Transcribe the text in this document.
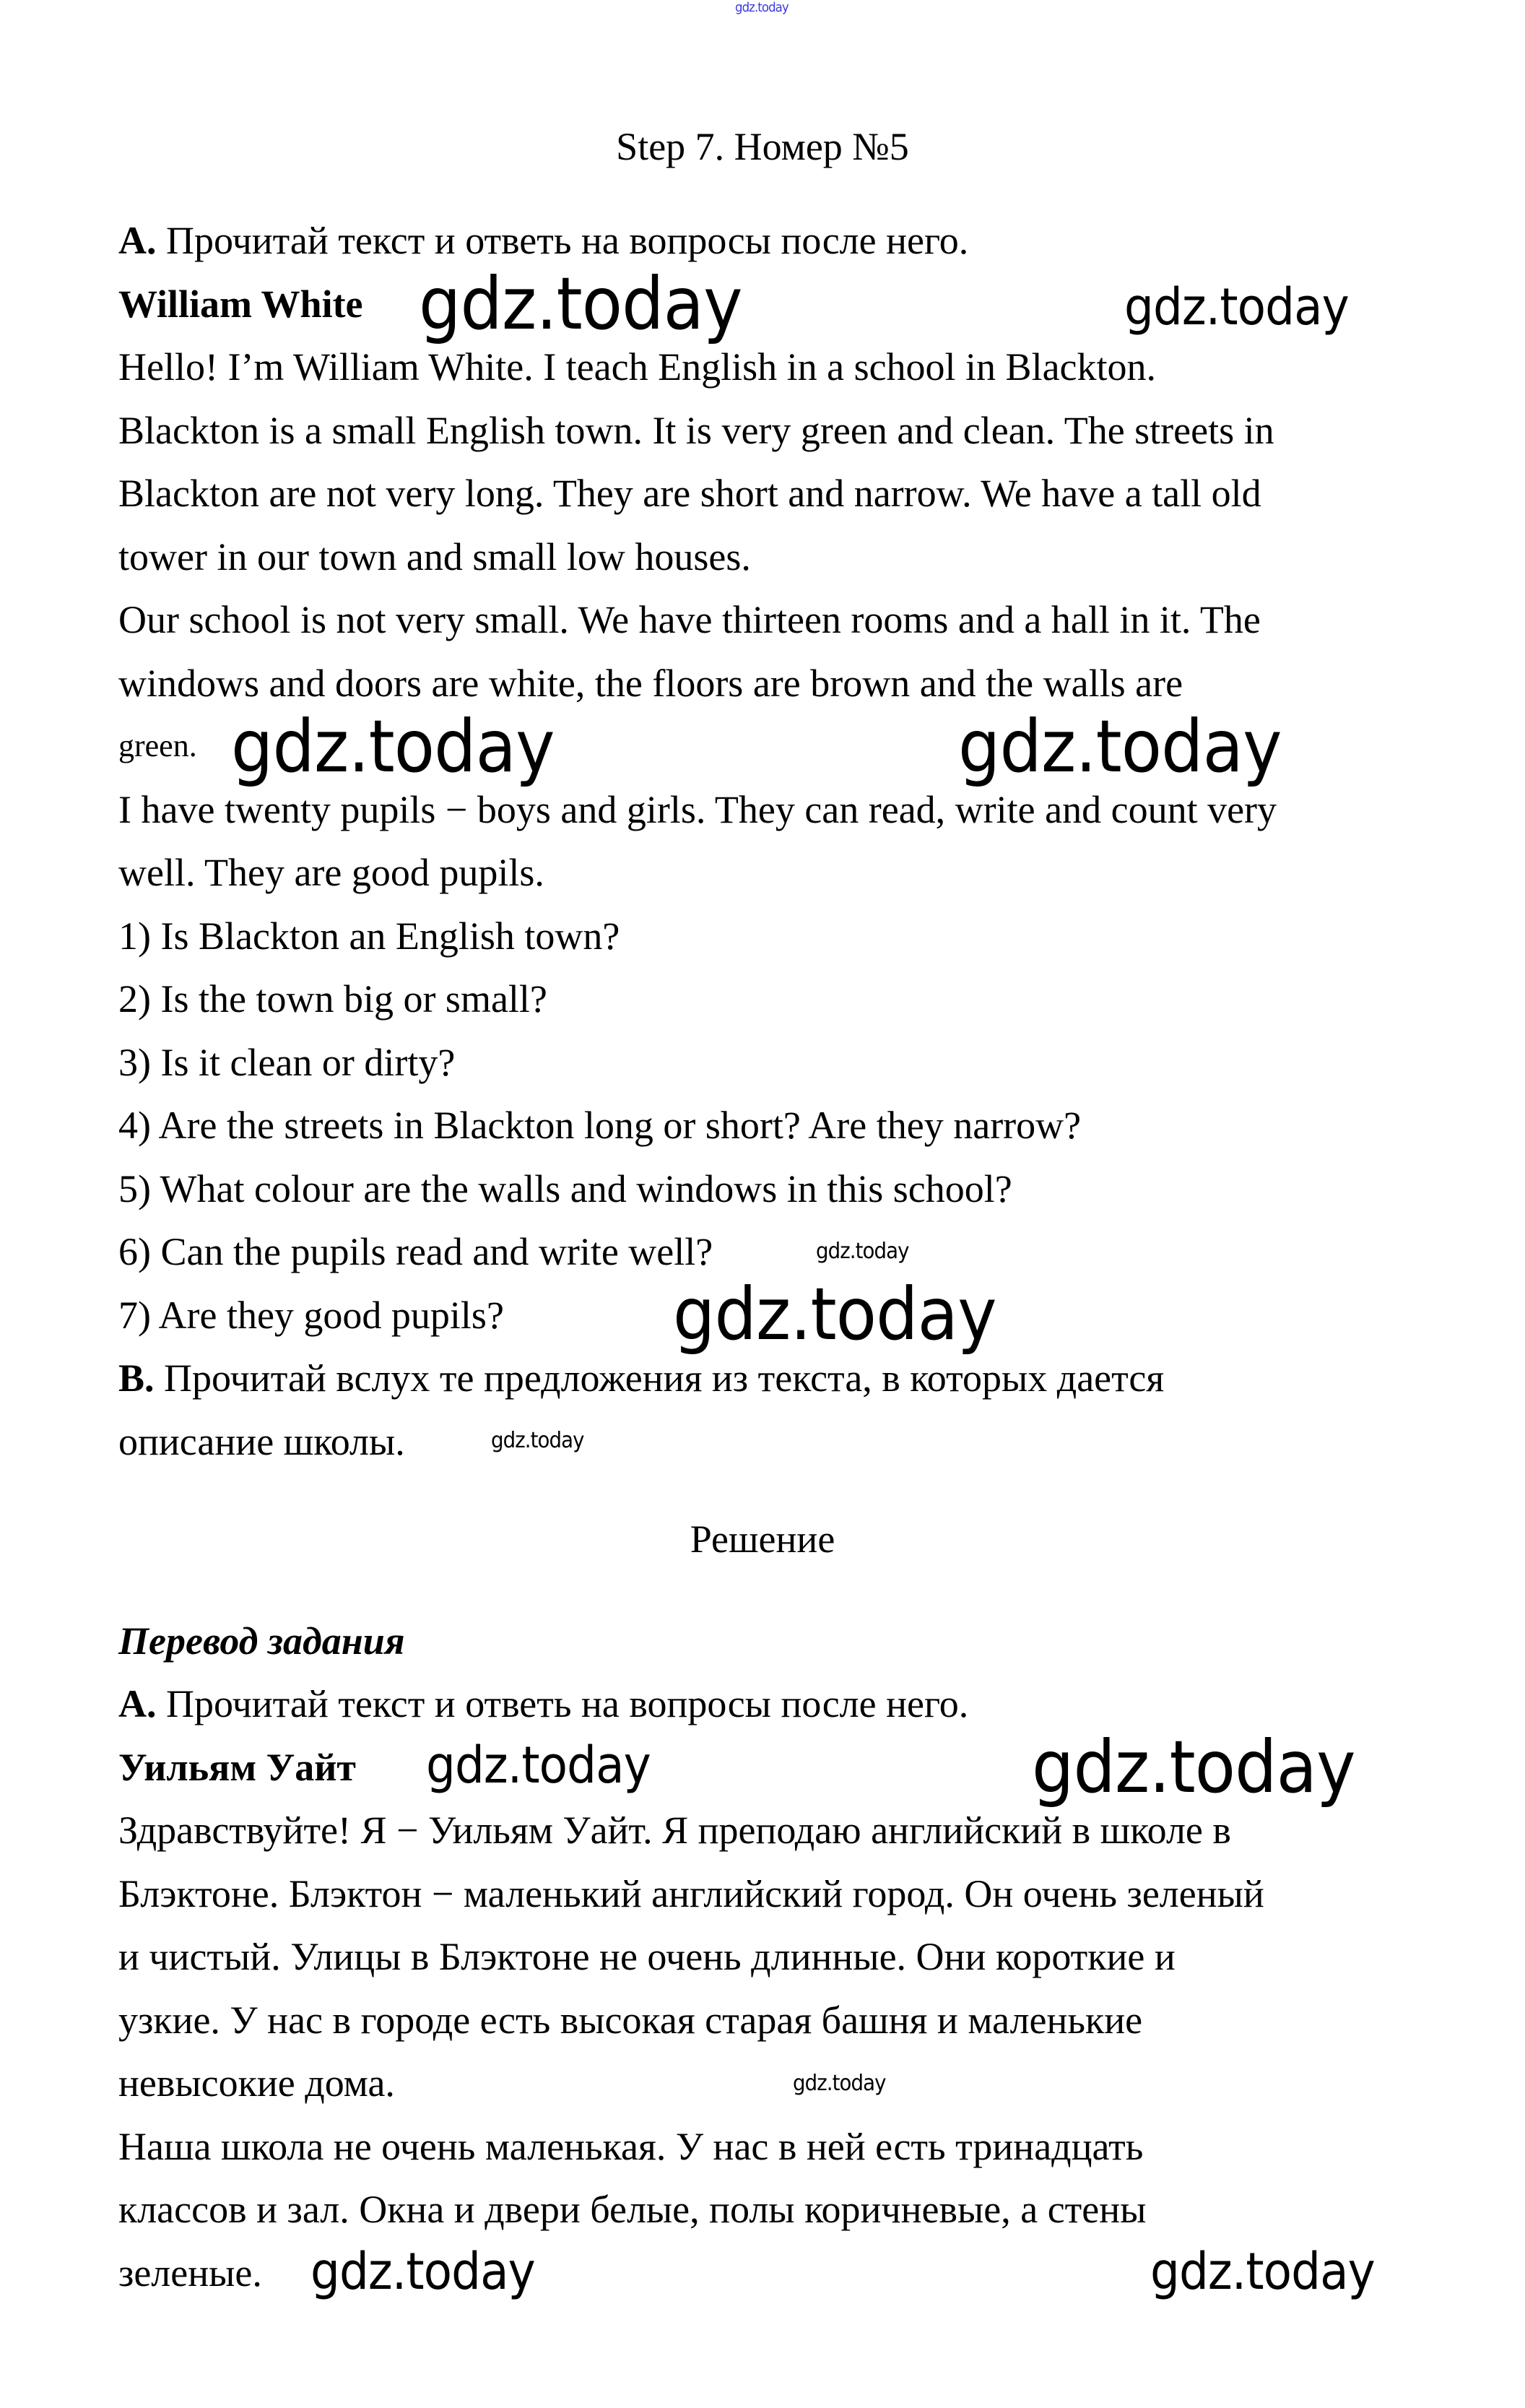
gdz.today
Step 7. Номер №5
A. Прочитай текст и ответь на вопросы после него.
William White
Hello! I’m William White. I teach English in a school in Blackton.
Blackton is a small English town. It is very green and clean. The streets in
Blackton are not very long. They are short and narrow. We have a tall old
tower in our town and small low houses.
Our school is not very small. We have thirteen rooms and a hall in it. The
windows and doors are white, the floors are brown and the walls are
green.
I have twenty pupils − boys and girls. They can read, write and count very
well. They are good pupils.
1) Is Blackton an English town?
2) Is the town big or small?
3) Is it clean or dirty?
4) Are the streets in Blackton long or short? Are they narrow?
5) What colour are the walls and windows in this school?
6) Can the pupils read and write well?
7) Are they good pupils?
B. Прочитай вслух те предложения из текста, в которых дается
описание школы.
Решение
Перевод задания
A. Прочитай текст и ответь на вопросы после него.
Уильям Уайт
Здравствуйте! Я − Уильям Уайт. Я преподаю английский в школе в
Блэктоне. Блэктон − маленький английский город. Он очень зеленый
и чистый. Улицы в Блэктоне не очень длинные. Они короткие и
узкие. У нас в городе есть высокая старая башня и маленькие
невысокие дома.
Наша школа не очень маленькая. У нас в ней есть тринадцать
классов и зал. Окна и двери белые, полы коричневые, а стены
зеленые.
gdz.today	gdz.today
gdz.today	gdz.today
gdz.today
gdz.today
gdz.today
gdz.today	gdz.today
gdz.today
gdz.today	gdz.today
